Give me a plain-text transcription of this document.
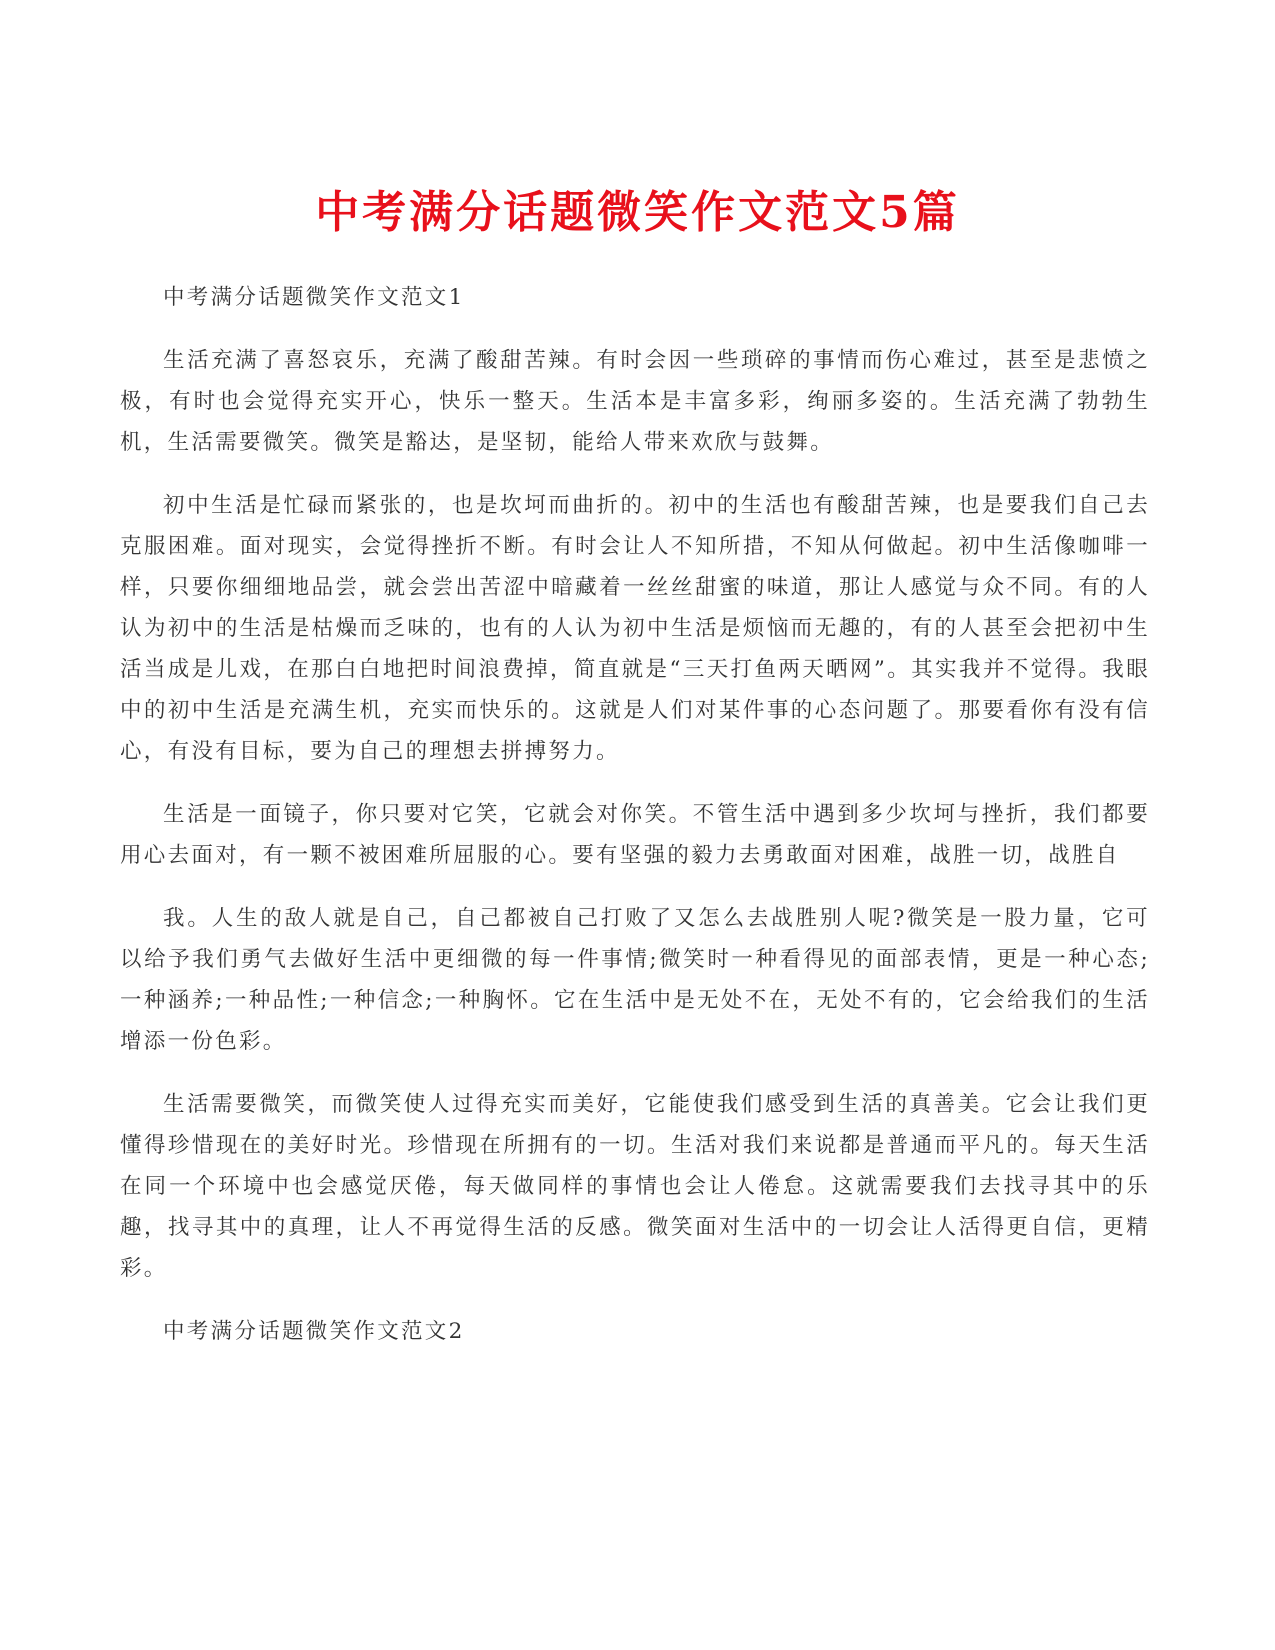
中考满分话题微笑作文范文5篇

中考满分话题微笑作文范文1

生活充满了喜怒哀乐，充满了酸甜苦辣。有时会因一些琐碎的事情而伤心难过，甚至是悲愤之极，有时也会觉得充实开心，快乐一整天。生活本是丰富多彩，绚丽多姿的。生活充满了勃勃生机，生活需要微笑。微笑是豁达，是坚韧，能给人带来欢欣与鼓舞。

初中生活是忙碌而紧张的，也是坎坷而曲折的。初中的生活也有酸甜苦辣，也是要我们自己去克服困难。面对现实，会觉得挫折不断。有时会让人不知所措，不知从何做起。初中生活像咖啡一样，只要你细细地品尝，就会尝出苦涩中暗藏着一丝丝甜蜜的味道，那让人感觉与众不同。有的人认为初中的生活是枯燥而乏味的，也有的人认为初中生活是烦恼而无趣的，有的人甚至会把初中生活当成是儿戏，在那白白地把时间浪费掉，简直就是“三天打鱼两天晒网”。其实我并不觉得。我眼中的初中生活是充满生机，充实而快乐的。这就是人们对某件事的心态问题了。那要看你有没有信心，有没有目标，要为自己的理想去拼搏努力。

生活是一面镜子，你只要对它笑，它就会对你笑。不管生活中遇到多少坎坷与挫折，我们都要用心去面对，有一颗不被困难所屈服的心。要有坚强的毅力去勇敢面对困难，战胜一切，战胜自

我。人生的敌人就是自己，自己都被自己打败了又怎么去战胜别人呢?微笑是一股力量，它可以给予我们勇气去做好生活中更细微的每一件事情;微笑时一种看得见的面部表情，更是一种心态;一种涵养;一种品性;一种信念;一种胸怀。它在生活中是无处不在，无处不有的，它会给我们的生活增添一份色彩。

生活需要微笑，而微笑使人过得充实而美好，它能使我们感受到生活的真善美。它会让我们更懂得珍惜现在的美好时光。珍惜现在所拥有的一切。生活对我们来说都是普通而平凡的。每天生活在同一个环境中也会感觉厌倦，每天做同样的事情也会让人倦怠。这就需要我们去找寻其中的乐趣，找寻其中的真理，让人不再觉得生活的反感。微笑面对生活中的一切会让人活得更自信，更精彩。

中考满分话题微笑作文范文2
